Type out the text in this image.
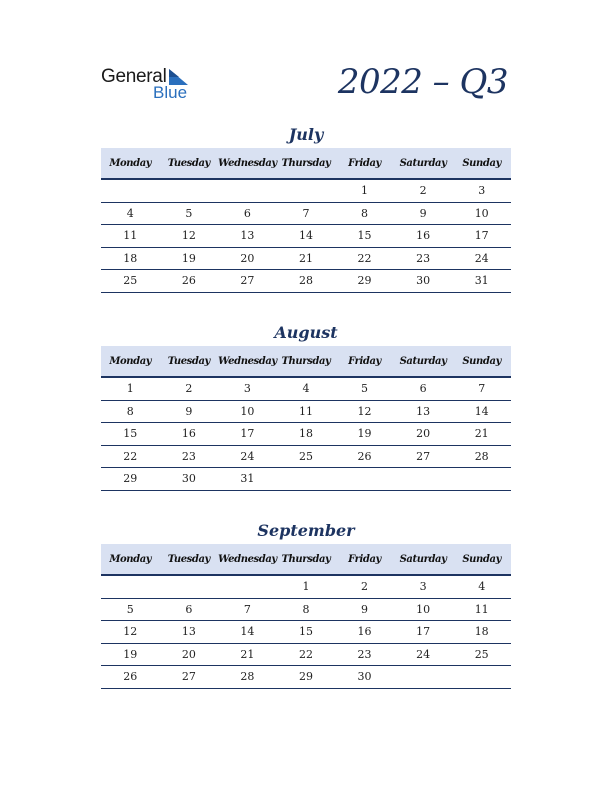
General
Blue	2022 – Q3
July
Monday	Tuesday	Wednesday	Thursday	Friday	Saturday	Sunday
				1	2	3
4	5	6	7	8	9	10
11	12	13	14	15	16	17
18	19	20	21	22	23	24
25	26	27	28	29	30	31
August
Monday	Tuesday	Wednesday	Thursday	Friday	Saturday	Sunday
1	2	3	4	5	6	7
8	9	10	11	12	13	14
15	16	17	18	19	20	21
22	23	24	25	26	27	28
29	30	31				
September
Monday	Tuesday	Wednesday	Thursday	Friday	Saturday	Sunday
			1	2	3	4
5	6	7	8	9	10	11
12	13	14	15	16	17	18
19	20	21	22	23	24	25
26	27	28	29	30		
